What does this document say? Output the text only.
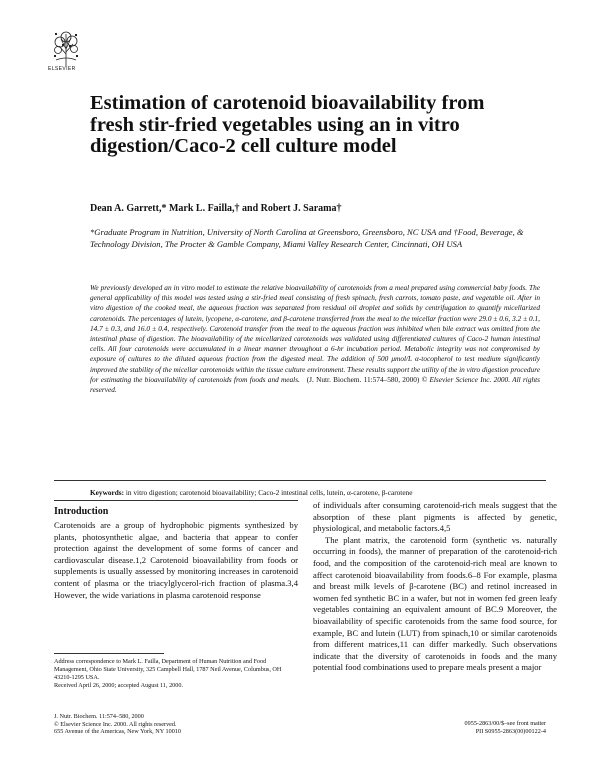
ELSEVIER
Estimation of carotenoid bioavailability from fresh stir-fried vegetables using an in vitro digestion/Caco-2 cell culture model
Dean A. Garrett,* Mark L. Failla,† and Robert J. Sarama†
*Graduate Program in Nutrition, University of North Carolina at Greensboro, Greensboro, NC USA and †Food, Beverage, & Technology Division, The Procter & Gamble Company, Miami Valley Research Center, Cincinnati, OH USA
We previously developed an in vitro model to estimate the relative bioavailability of carotenoids from a meal prepared using commercial baby foods. The general applicability of this model was tested using a stir-fried meal consisting of fresh spinach, fresh carrots, tomato paste, and vegetable oil. After in vitro digestion of the cooked meal, the aqueous fraction was separated from residual oil droplet and solids by centrifugation to quantify micellarized carotenoids. The percentages of lutein, lycopene, α-carotene, and β-carotene transferred from the meal to the micellar fraction were 29.0 ± 0.6, 3.2 ± 0.1, 14.7 ± 0.3, and 16.0 ± 0.4, respectively. Carotenoid transfer from the meal to the aqueous fraction was inhibited when bile extract was omitted from the intestinal phase of digestion. The bioavailability of the micellarized carotenoids was validated using differentiated cultures of Caco-2 human intestinal cells. All four carotenoids were accumulated in a linear manner throughout a 6-hr incubation period. Metabolic integrity was not compromised by exposure of cultures to the diluted aqueous fraction from the digested meal. The addition of 500 μmol/L α-tocopherol to test medium significantly improved the stability of the micellar carotenoids within the tissue culture environment. These results support the utility of the in vitro digestion procedure for estimating the bioavailability of carotenoids from foods and meals. (J. Nutr. Biochem. 11:574–580, 2000) © Elsevier Science Inc. 2000. All rights reserved.
Keywords: in vitro digestion; carotenoid bioavailability; Caco-2 intestinal cells, lutein, α-carotene, β-carotene
Introduction

Carotenoids are a group of hydrophobic pigments synthesized by plants, photosynthetic algae, and bacteria that appear to confer protection against the development of some forms of cancer and cardiovascular disease.1,2 Carotenoid bioavailability from foods or supplements is usually assessed by monitoring increases in carotenoid content of plasma or the triacylglycerol-rich fraction of plasma.3,4 However, the wide variations in plasma carotenoid response

of individuals after consuming carotenoid-rich meals suggest that the absorption of these plant pigments is affected by genetic, physiological, and metabolic factors.4,5

The plant matrix, the carotenoid form (synthetic vs. naturally occurring in foods), the manner of preparation of the carotenoid-rich food, and the composition of the carotenoid-rich meal are known to affect carotenoid bioavailability from foods.6–8 For example, plasma and breast milk levels of β-carotene (BC) and retinol increased in women fed synthetic BC in a wafer, but not in women fed green leafy vegetables containing an equivalent amount of BC.9 Moreover, the bioavailability of specific carotenoids from the same food source, for example, BC and lutein (LUT) from spinach,10 or similar carotenoids from different matrices,11 can differ markedly. Such observations indicate that the diversity of carotenoids in foods and the many potential food combinations used to prepare meals present a major

Address correspondence to Mark L. Failla, Department of Human Nutrition and Food Management, Ohio State University, 325 Campbell Hall, 1787 Neil Avenue, Columbus, OH 43210-1295 USA.
Received April 26, 2000; accepted August 11, 2000.
J. Nutr. Biochem. 11:574–580, 2000
© Elsevier Science Inc. 2000. All rights reserved.
655 Avenue of the Americas, New York, NY 10010
0955-2863/00/$–see front matter
PII S0955-2863(00)00122-4
